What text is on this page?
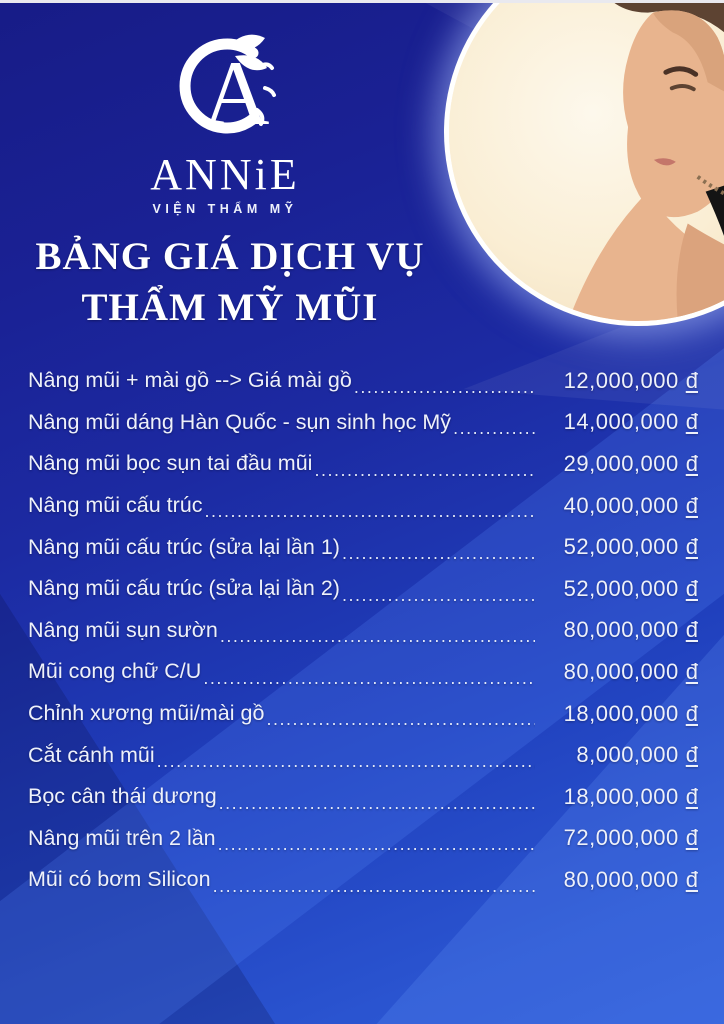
A
ANNiE
VIỆN THẨM MỸ
BẢNG GIÁ DỊCH VỤ
THẨM MỸ MŨI
Nâng mũi + mài gồ --> Giá mài gồ .....	12,000,000 đ
Nâng mũi dáng Hàn Quốc - sụn sinh học Mỹ .....	14,000,000 đ
Nâng mũi bọc sụn tai đầu mũi .....	29,000,000 đ
Nâng mũi cấu trúc .....	40,000,000 đ
Nâng mũi cấu trúc (sửa lại lần 1) .....	52,000,000 đ
Nâng mũi cấu trúc (sửa lại lần 2) .....	52,000,000 đ
Nâng mũi sụn sườn .....	80,000,000 đ
Mũi cong chữ C/U .....	80,000,000 đ
Chỉnh xương mũi/mài gồ .....	18,000,000 đ
Cắt cánh mũi .....	8,000,000 đ
Bọc cân thái dương .....	18,000,000 đ
Nâng mũi trên 2 lần .....	72,000,000 đ
Mũi có bơm Silicon .....	80,000,000 đ
